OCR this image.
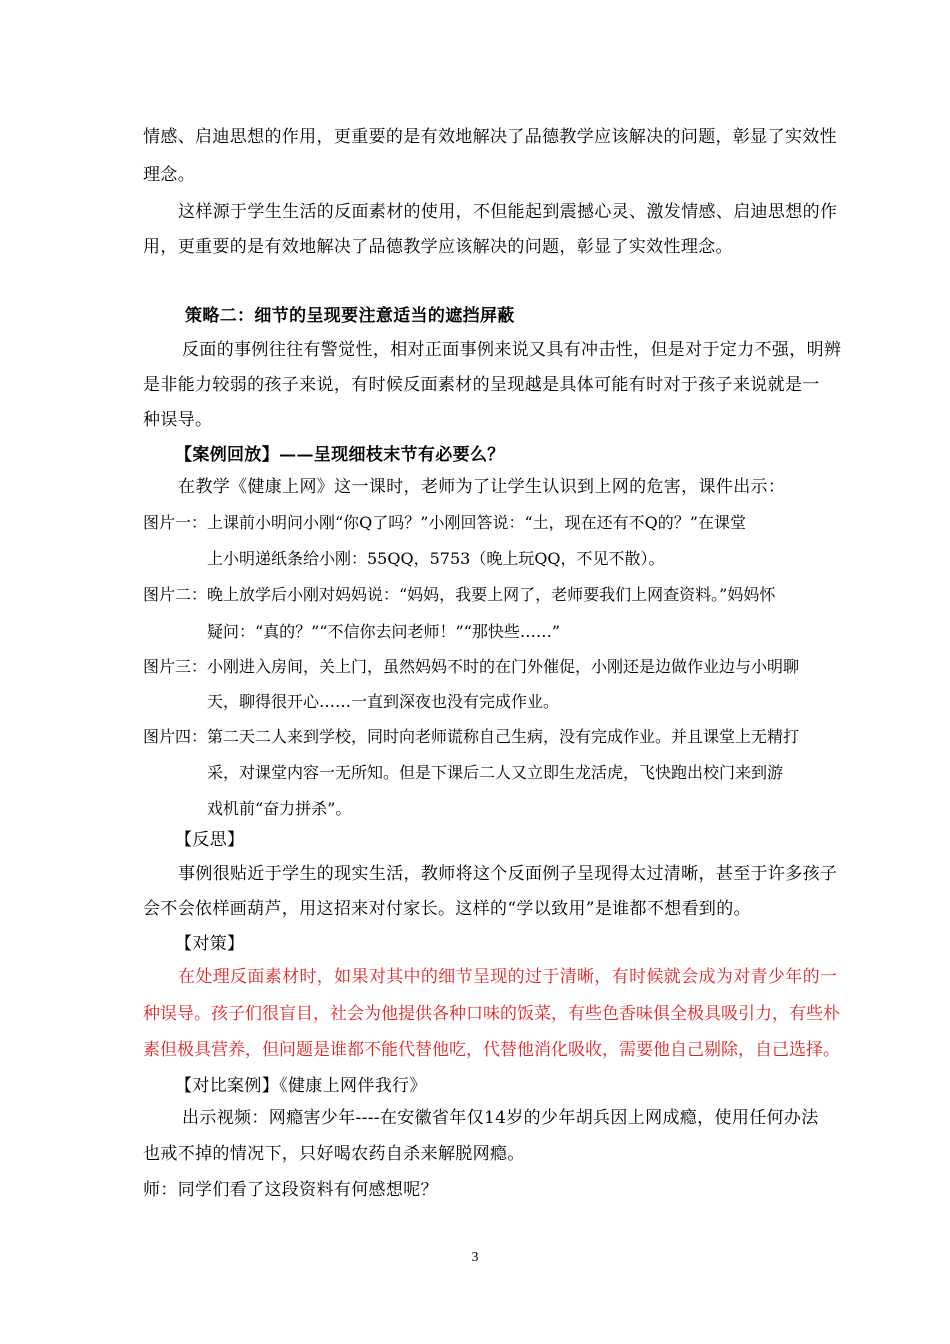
情感、启迪思想的作用，更重要的是有效地解决了品德教学应该解决的问题，彰显了实效性
理念。
这样源于学生生活的反面素材的使用，不但能起到震撼心灵、激发情感、启迪思想的作
用，更重要的是有效地解决了品德教学应该解决的问题，彰显了实效性理念。
策略二：细节的呈现要注意适当的遮挡屏蔽
反面的事例往往有警觉性，相对正面事例来说又具有冲击性，但是对于定力不强，明辨
是非能力较弱的孩子来说，有时候反面素材的呈现越是具体可能有时对于孩子来说就是一
种误导。
【案例回放】——呈现细枝末节有必要么？
在教学《健康上网》这一课时，老师为了让学生认识到上网的危害，课件出示：
图片一：上课前小明问小刚“你Q了吗？”小刚回答说：“土，现在还有不Q的？”在课堂
上小明递纸条给小刚：55QQ，5753（晚上玩QQ，不见不散）。
图片二：晚上放学后小刚对妈妈说：“妈妈，我要上网了，老师要我们上网查资料。”妈妈怀
疑问：“真的？”“不信你去问老师！”“那快些……”
图片三：小刚进入房间，关上门，虽然妈妈不时的在门外催促，小刚还是边做作业边与小明聊
天，聊得很开心……一直到深夜也没有完成作业。
图片四：第二天二人来到学校，同时向老师谎称自己生病，没有完成作业。并且课堂上无精打
采，对课堂内容一无所知。但是下课后二人又立即生龙活虎，飞快跑出校门来到游
戏机前“奋力拼杀”。
【反思】
事例很贴近于学生的现实生活，教师将这个反面例子呈现得太过清晰，甚至于许多孩子
会不会依样画葫芦，用这招来对付家长。这样的“学以致用”是谁都不想看到的。
【对策】
在处理反面素材时，如果对其中的细节呈现的过于清晰，有时候就会成为对青少年的一
种误导。孩子们很盲目，社会为他提供各种口味的饭菜，有些色香味俱全极具吸引力，有些朴
素但极具营养，但问题是谁都不能代替他吃，代替他消化吸收，需要他自己剔除，自己选择。
【对比案例】《健康上网伴我行》
出示视频：网瘾害少年----在安徽省年仅14岁的少年胡兵因上网成瘾，使用任何办法
也戒不掉的情况下，只好喝农药自杀来解脱网瘾。
师：同学们看了这段资料有何感想呢？
3
